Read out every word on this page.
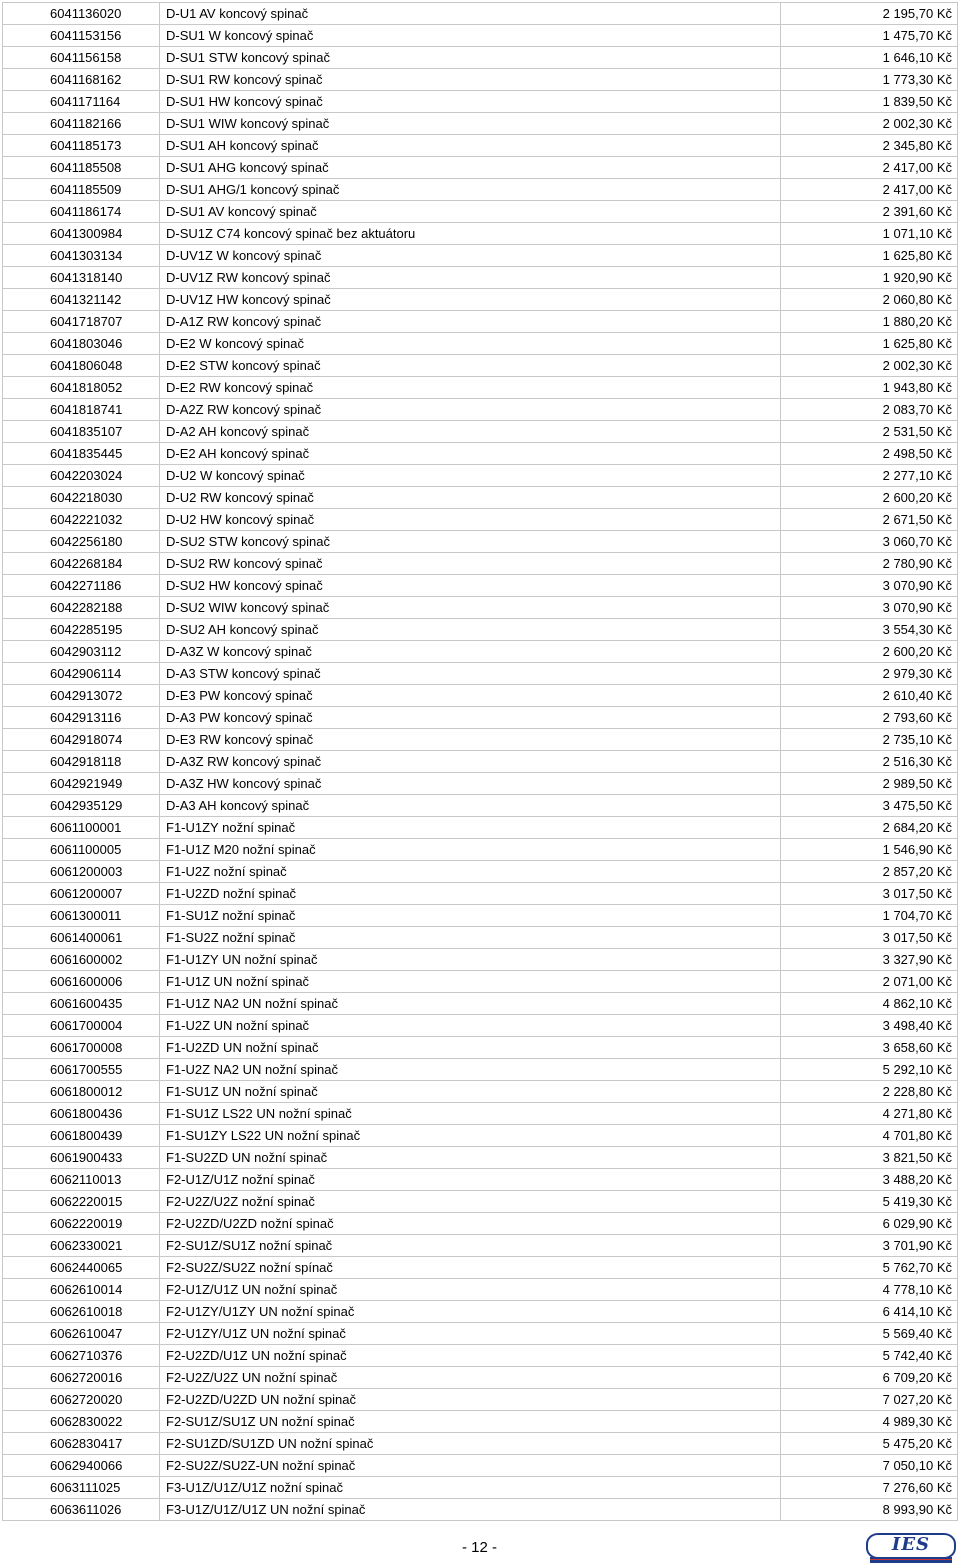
6041136020	D-U1 AV koncový spinač	2 195,70 Kč
6041153156	D-SU1 W koncový spinač	1 475,70 Kč
6041156158	D-SU1 STW koncový spinač	1 646,10 Kč
6041168162	D-SU1 RW koncový spinač	1 773,30 Kč
6041171164	D-SU1 HW koncový spinač	1 839,50 Kč
6041182166	D-SU1 WIW koncový spinač	2 002,30 Kč
6041185173	D-SU1 AH koncový spinač	2 345,80 Kč
6041185508	D-SU1 AHG koncový spinač	2 417,00 Kč
6041185509	D-SU1 AHG/1 koncový spinač	2 417,00 Kč
6041186174	D-SU1 AV koncový spinač	2 391,60 Kč
6041300984	D-SU1Z C74 koncový spinač bez aktuátoru	1 071,10 Kč
6041303134	D-UV1Z W koncový spinač	1 625,80 Kč
6041318140	D-UV1Z RW koncový spinač	1 920,90 Kč
6041321142	D-UV1Z HW koncový spinač	2 060,80 Kč
6041718707	D-A1Z RW koncový spinač	1 880,20 Kč
6041803046	D-E2 W koncový spinač	1 625,80 Kč
6041806048	D-E2 STW koncový spinač	2 002,30 Kč
6041818052	D-E2 RW koncový spinač	1 943,80 Kč
6041818741	D-A2Z RW koncový spinač	2 083,70 Kč
6041835107	D-A2 AH koncový spinač	2 531,50 Kč
6041835445	D-E2 AH koncový spinač	2 498,50 Kč
6042203024	D-U2 W koncový spinač	2 277,10 Kč
6042218030	D-U2 RW koncový spinač	2 600,20 Kč
6042221032	D-U2 HW koncový spinač	2 671,50 Kč
6042256180	D-SU2 STW koncový spinač	3 060,70 Kč
6042268184	D-SU2 RW koncový spinač	2 780,90 Kč
6042271186	D-SU2 HW koncový spinač	3 070,90 Kč
6042282188	D-SU2 WIW koncový spinač	3 070,90 Kč
6042285195	D-SU2 AH koncový spinač	3 554,30 Kč
6042903112	D-A3Z W koncový spinač	2 600,20 Kč
6042906114	D-A3 STW koncový spinač	2 979,30 Kč
6042913072	D-E3 PW koncový spinač	2 610,40 Kč
6042913116	D-A3 PW koncový spinač	2 793,60 Kč
6042918074	D-E3 RW koncový spinač	2 735,10 Kč
6042918118	D-A3Z RW koncový spinač	2 516,30 Kč
6042921949	D-A3Z HW koncový spinač	2 989,50 Kč
6042935129	D-A3 AH koncový spinač	3 475,50 Kč
6061100001	F1-U1ZY nožní spinač	2 684,20 Kč
6061100005	F1-U1Z M20 nožní spinač	1 546,90 Kč
6061200003	F1-U2Z nožní spinač	2 857,20 Kč
6061200007	F1-U2ZD nožní spinač	3 017,50 Kč
6061300011	F1-SU1Z nožní spinač	1 704,70 Kč
6061400061	F1-SU2Z nožní spinač	3 017,50 Kč
6061600002	F1-U1ZY UN nožní spinač	3 327,90 Kč
6061600006	F1-U1Z UN nožní spinač	2 071,00 Kč
6061600435	F1-U1Z NA2 UN nožní spinač	4 862,10 Kč
6061700004	F1-U2Z UN nožní spinač	3 498,40 Kč
6061700008	F1-U2ZD UN nožní spinač	3 658,60 Kč
6061700555	F1-U2Z NA2 UN nožní spinač	5 292,10 Kč
6061800012	F1-SU1Z UN nožní spinač	2 228,80 Kč
6061800436	F1-SU1Z LS22 UN nožní spinač	4 271,80 Kč
6061800439	F1-SU1ZY LS22 UN nožní spinač	4 701,80 Kč
6061900433	F1-SU2ZD UN nožní spinač	3 821,50 Kč
6062110013	F2-U1Z/U1Z nožní spinač	3 488,20 Kč
6062220015	F2-U2Z/U2Z nožní spinač	5 419,30 Kč
6062220019	F2-U2ZD/U2ZD nožní spinač	6 029,90 Kč
6062330021	F2-SU1Z/SU1Z nožní spinač	3 701,90 Kč
6062440065	F2-SU2Z/SU2Z nožní spínač	5 762,70 Kč
6062610014	F2-U1Z/U1Z UN nožní spinač	4 778,10 Kč
6062610018	F2-U1ZY/U1ZY UN nožní spinač	6 414,10 Kč
6062610047	F2-U1ZY/U1Z UN nožní spinač	5 569,40 Kč
6062710376	F2-U2ZD/U1Z UN nožní spinač	5 742,40 Kč
6062720016	F2-U2Z/U2Z UN nožní spinač	6 709,20 Kč
6062720020	F2-U2ZD/U2ZD UN nožní spinač	7 027,20 Kč
6062830022	F2-SU1Z/SU1Z UN nožní spinač	4 989,30 Kč
6062830417	F2-SU1ZD/SU1ZD UN nožní spinač	5 475,20 Kč
6062940066	F2-SU2Z/SU2Z-UN nožní spinač	7 050,10 Kč
6063111025	F3-U1Z/U1Z/U1Z nožní spinač	7 276,60 Kč
6063611026	F3-U1Z/U1Z/U1Z UN nožní spinač	8 993,90 Kč
- 12 -	IES
